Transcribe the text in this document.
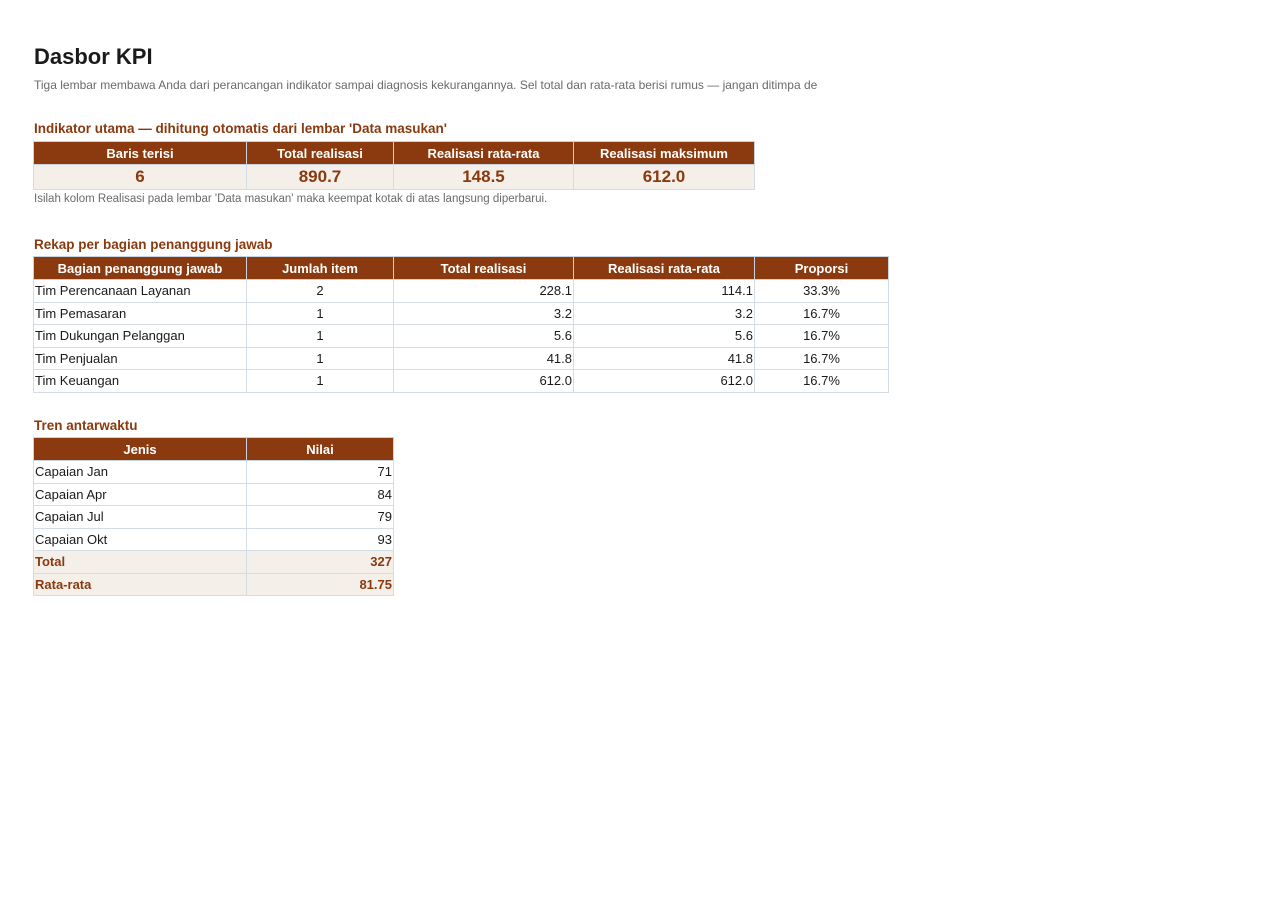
Dasbor KPI
Tiga lembar membawa Anda dari perancangan indikator sampai diagnosis kekurangannya. Sel total dan rata-rata berisi rumus — jangan ditimpa de
Indikator utama — dihitung otomatis dari lembar 'Data masukan'
Baris terisi	Total realisasi	Realisasi rata-rata	Realisasi maksimum
6	890.7	148.5	612.0
Isilah kolom Realisasi pada lembar 'Data masukan' maka keempat kotak di atas langsung diperbarui.
Rekap per bagian penanggung jawab
Bagian penanggung jawab	Jumlah item	Total realisasi	Realisasi rata-rata	Proporsi
Tim Perencanaan Layanan	2	228.1	114.1	33.3%
Tim Pemasaran	1	3.2	3.2	16.7%
Tim Dukungan Pelanggan	1	5.6	5.6	16.7%
Tim Penjualan	1	41.8	41.8	16.7%
Tim Keuangan	1	612.0	612.0	16.7%
Tren antarwaktu
Jenis	Nilai
Capaian Jan	71
Capaian Apr	84
Capaian Jul	79
Capaian Okt	93
Total	327
Rata-rata	81.75
